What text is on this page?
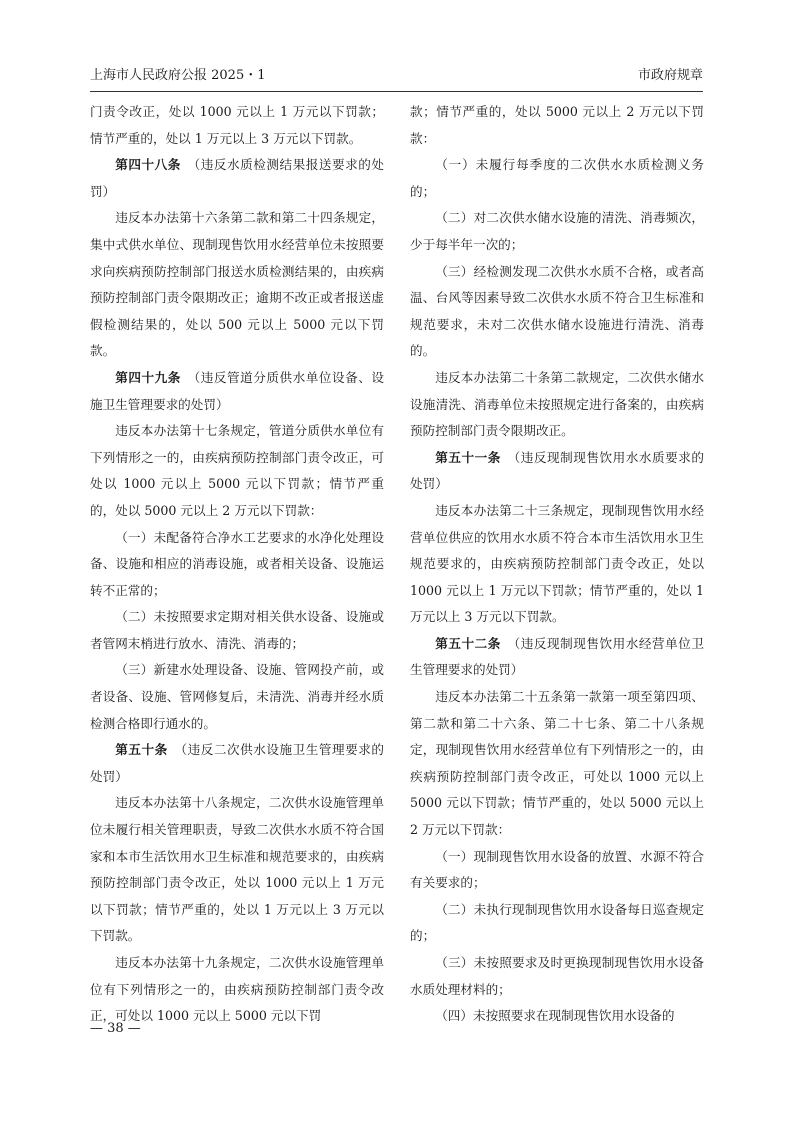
上海市人民政府公报 2025・1	市政府规章

门责令改正，处以 1000 元以上 1 万元以下罚款；情节严重的，处以 1 万元以上 3 万元以下罚款。

第四十八条　 （违反水质检测结果报送要求的处罚）

违反本办法第十六条第二款和第二十四条规定，集中式供水单位、现制现售饮用水经营单位未按照要求向疾病预防控制部门报送水质检测结果的，由疾病预防控制部门责令限期改正；逾期不改正或者报送虚假检测结果的，处以 500 元以上 5000 元以下罚款。

第四十九条　 （违反管道分质供水单位设备、设施卫生管理要求的处罚）

违反本办法第十七条规定，管道分质供水单位有下列情形之一的，由疾病预防控制部门责令改正，可处以 1000 元以上 5000 元以下罚款；情节严重的，处以 5000 元以上 2 万元以下罚款：

（一）未配备符合净水工艺要求的水净化处理设备、设施和相应的消毒设施，或者相关设备、设施运转不正常的；

（二）未按照要求定期对相关供水设备、设施或者管网末梢进行放水、清洗、消毒的；

（三）新建水处理设备、设施、管网投产前，或者设备、设施、管网修复后，未清洗、消毒并经水质检测合格即行通水的。

第五十条　 （违反二次供水设施卫生管理要求的处罚）

违反本办法第十八条规定，二次供水设施管理单位未履行相关管理职责，导致二次供水水质不符合国家和本市生活饮用水卫生标准和规范要求的，由疾病预防控制部门责令改正，处以 1000 元以上 1 万元以下罚款；情节严重的，处以 1 万元以上 3 万元以下罚款。

违反本办法第十九条规定，二次供水设施管理单位有下列情形之一的，由疾病预防控制部门责令改正，可处以 1000 元以上 5000 元以下罚

款；情节严重的，处以 5000 元以上 2 万元以下罚款：

（一）未履行每季度的二次供水水质检测义务的；

（二）对二次供水储水设施的清洗、消毒频次，少于每半年一次的；

（三）经检测发现二次供水水质不合格，或者高温、台风等因素导致二次供水水质不符合卫生标准和规范要求，未对二次供水储水设施进行清洗、消毒的。

违反本办法第二十条第二款规定，二次供水储水设施清洗、消毒单位未按照规定进行备案的，由疾病预防控制部门责令限期改正。

第五十一条　 （违反现制现售饮用水水质要求的处罚）

违反本办法第二十三条规定，现制现售饮用水经营单位供应的饮用水水质不符合本市生活饮用水卫生规范要求的，由疾病预防控制部门责令改正，处以 1000 元以上 1 万元以下罚款；情节严重的，处以 1 万元以上 3 万元以下罚款。

第五十二条　 （违反现制现售饮用水经营单位卫生管理要求的处罚）

违反本办法第二十五条第一款第一项至第四项、第二款和第二十六条、第二十七条、第二十八条规定，现制现售饮用水经营单位有下列情形之一的，由疾病预防控制部门责令改正，可处以 1000 元以上 5000 元以下罚款；情节严重的，处以 5000 元以上 2 万元以下罚款：

（一）现制现售饮用水设备的放置、水源不符合有关要求的；

（二）未执行现制现售饮用水设备每日巡查规定的；

（三）未按照要求及时更换现制现售饮用水设备水质处理材料的；

（四）未按照要求在现制现售饮用水设备的

— 38 —
